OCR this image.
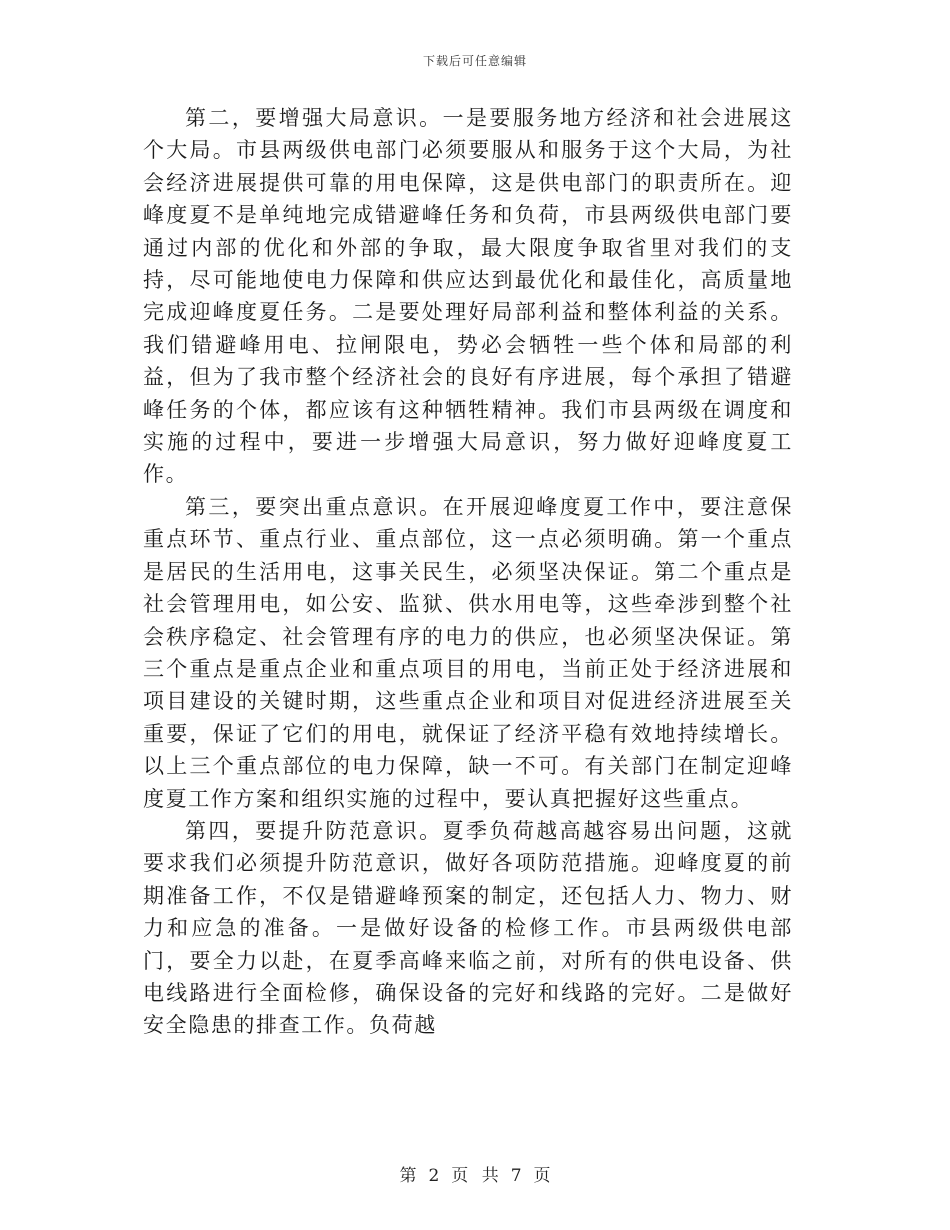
下载后可任意编辑

第二，要增强大局意识。一是要服务地方经济和社会进展这个大局。市县两级供电部门必须要服从和服务于这个大局，为社会经济进展提供可靠的用电保障，这是供电部门的职责所在。迎峰度夏不是单纯地完成错避峰任务和负荷，市县两级供电部门要通过内部的优化和外部的争取，最大限度争取省里对我们的支持，尽可能地使电力保障和供应达到最优化和最佳化，高质量地完成迎峰度夏任务。二是要处理好局部利益和整体利益的关系。我们错避峰用电、拉闸限电，势必会牺牲一些个体和局部的利益，但为了我市整个经济社会的良好有序进展，每个承担了错避峰任务的个体，都应该有这种牺牲精神。我们市县两级在调度和实施的过程中，要进一步增强大局意识，努力做好迎峰度夏工作。

第三，要突出重点意识。在开展迎峰度夏工作中，要注意保重点环节、重点行业、重点部位，这一点必须明确。第一个重点是居民的生活用电，这事关民生，必须坚决保证。第二个重点是社会管理用电，如公安、监狱、供水用电等，这些牵涉到整个社会秩序稳定、社会管理有序的电力的供应，也必须坚决保证。第三个重点是重点企业和重点项目的用电，当前正处于经济进展和项目建设的关键时期，这些重点企业和项目对促进经济进展至关重要，保证了它们的用电，就保证了经济平稳有效地持续增长。以上三个重点部位的电力保障，缺一不可。有关部门在制定迎峰度夏工作方案和组织实施的过程中，要认真把握好这些重点。

第四，要提升防范意识。夏季负荷越高越容易出问题，这就要求我们必须提升防范意识，做好各项防范措施。迎峰度夏的前期准备工作，不仅是错避峰预案的制定，还包括人力、物力、财力和应急的准备。一是做好设备的检修工作。市县两级供电部门，要全力以赴，在夏季高峰来临之前，对所有的供电设备、供电线路进行全面检修，确保设备的完好和线路的完好。二是做好安全隐患的排查工作。负荷越

第 2 页 共 7 页
